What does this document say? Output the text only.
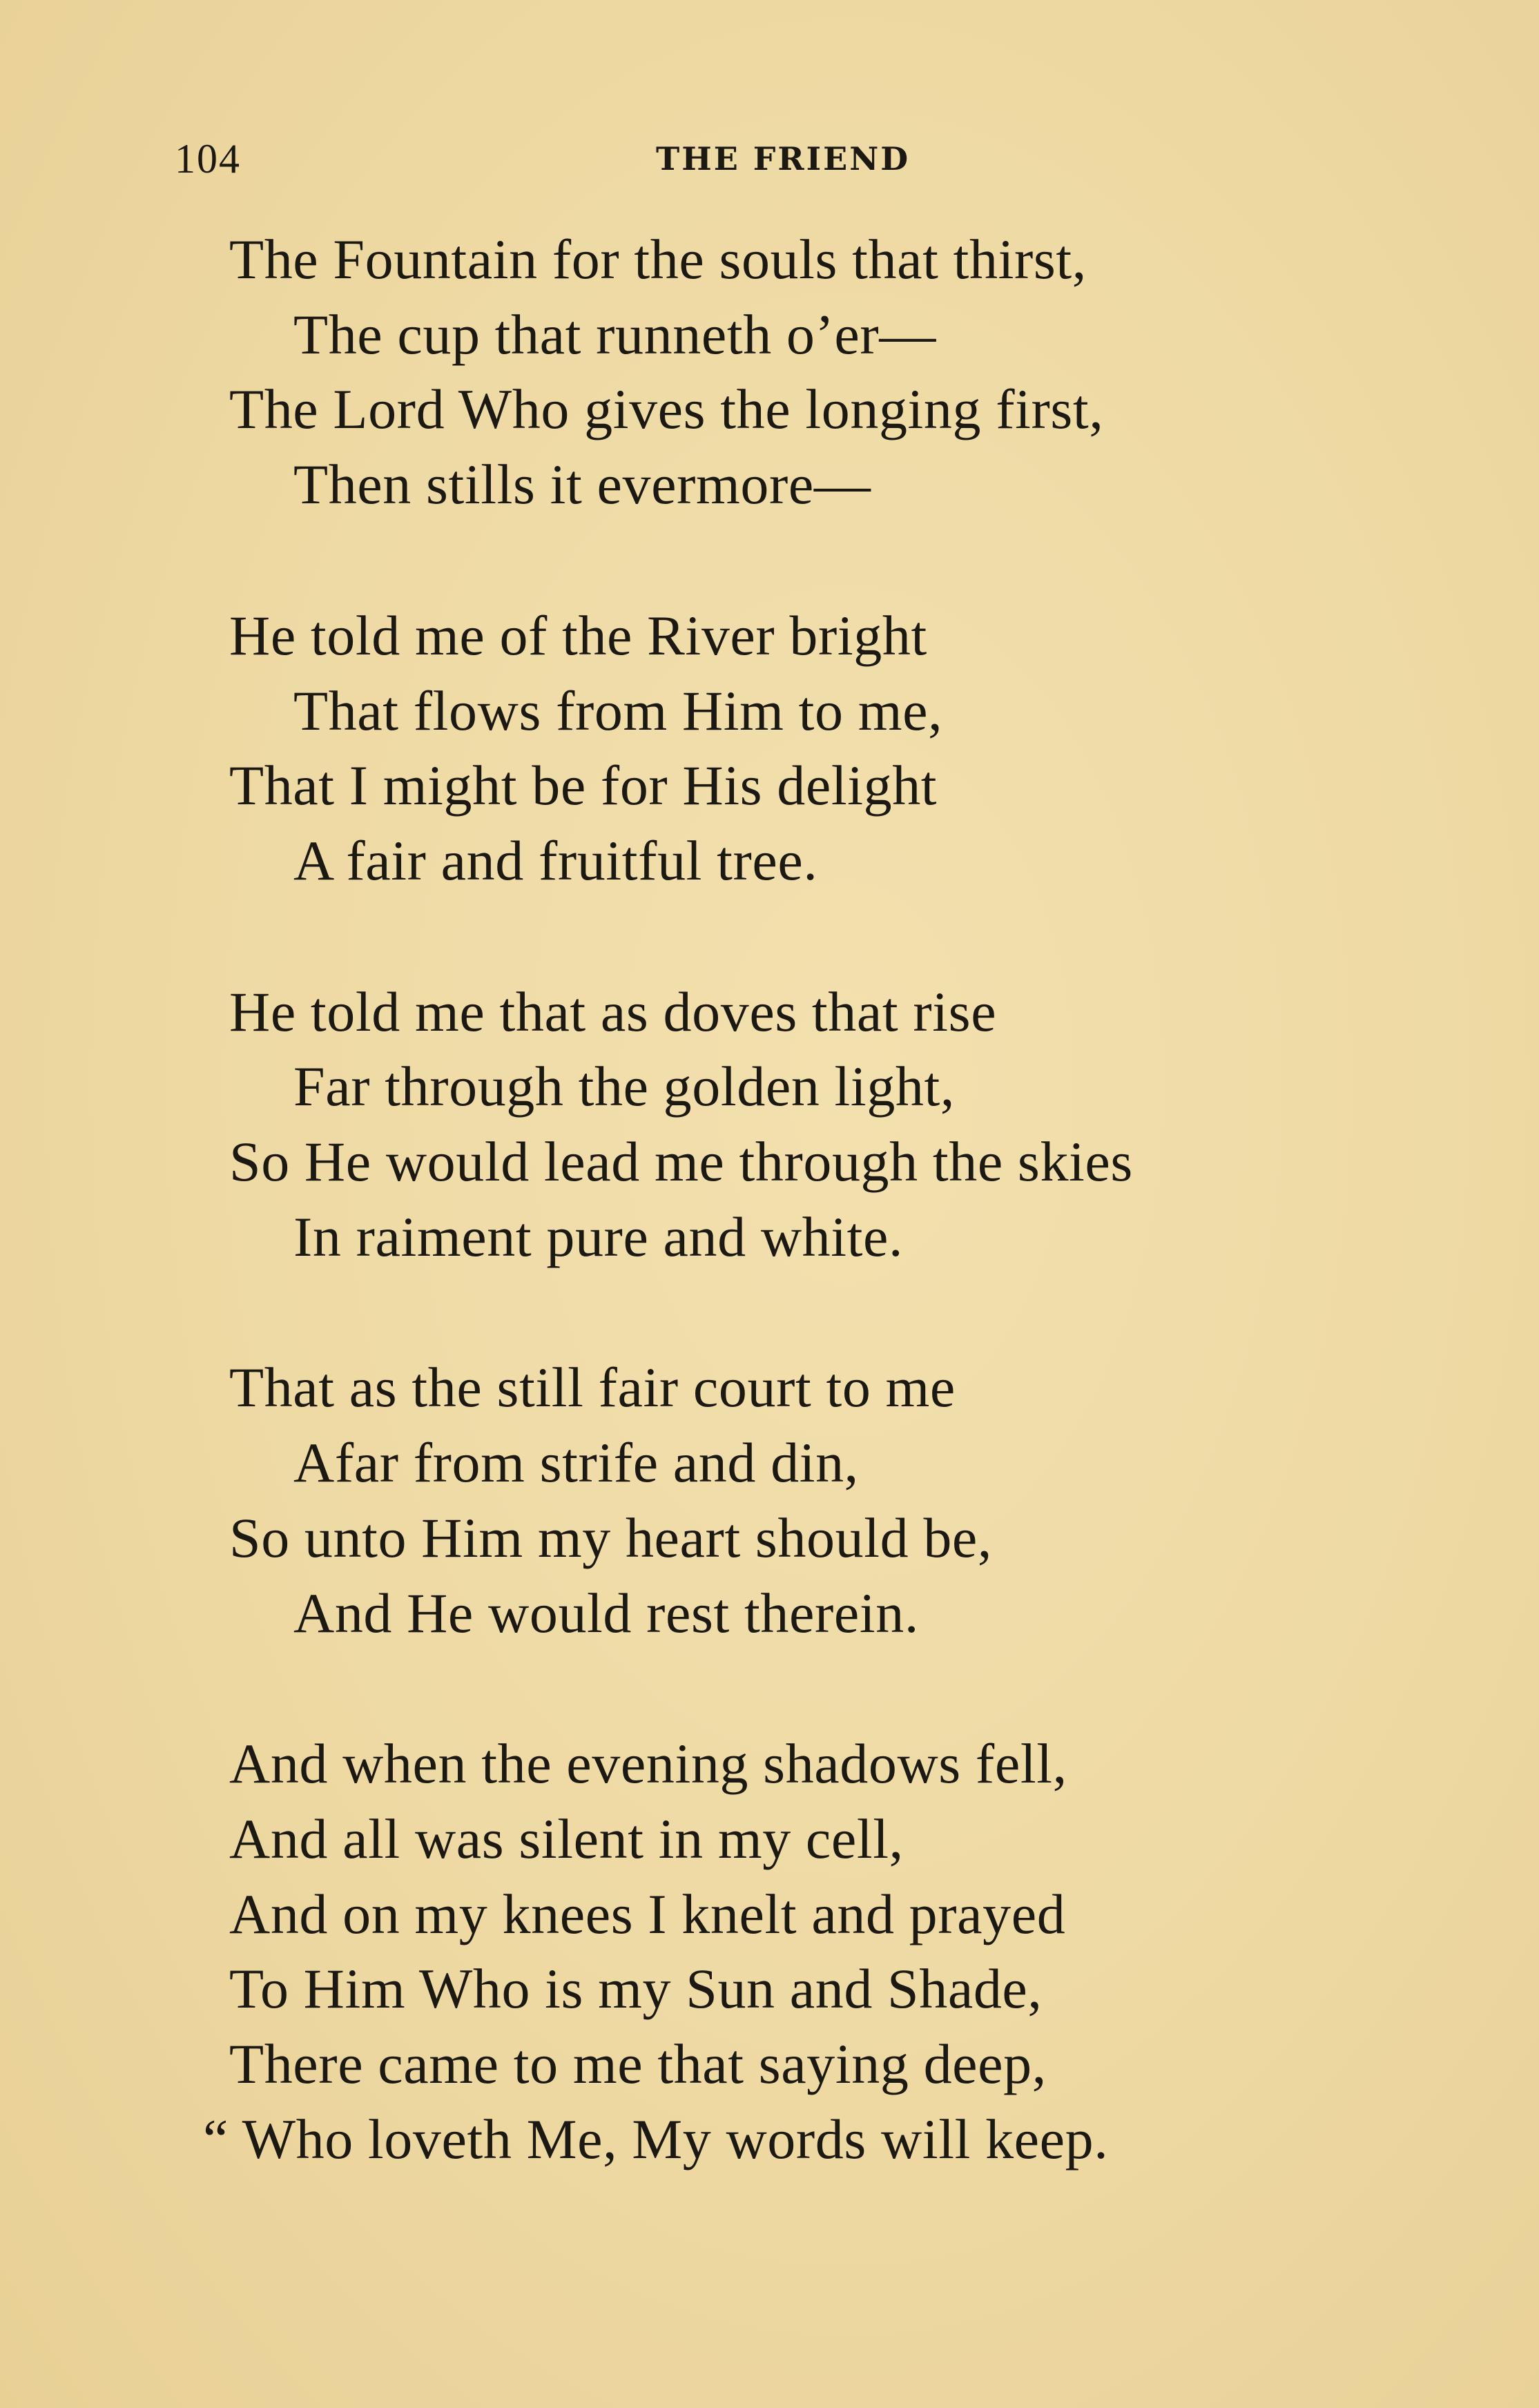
104	THE FRIEND
The Fountain for the souls that thirst,
The cup that runneth o’er—
The Lord Who gives the longing first,
Then stills it evermore—
He told me of the River bright
That flows from Him to me,
That I might be for His delight
A fair and fruitful tree.
He told me that as doves that rise
Far through the golden light,
So He would lead me through the skies
In raiment pure and white.
That as the still fair court to me
Afar from strife and din,
So unto Him my heart should be,
And He would rest therein.
And when the evening shadows fell,
And all was silent in my cell,
And on my knees I knelt and prayed
To Him Who is my Sun and Shade,
There came to me that saying deep,
“ Who loveth Me, My words will keep.
